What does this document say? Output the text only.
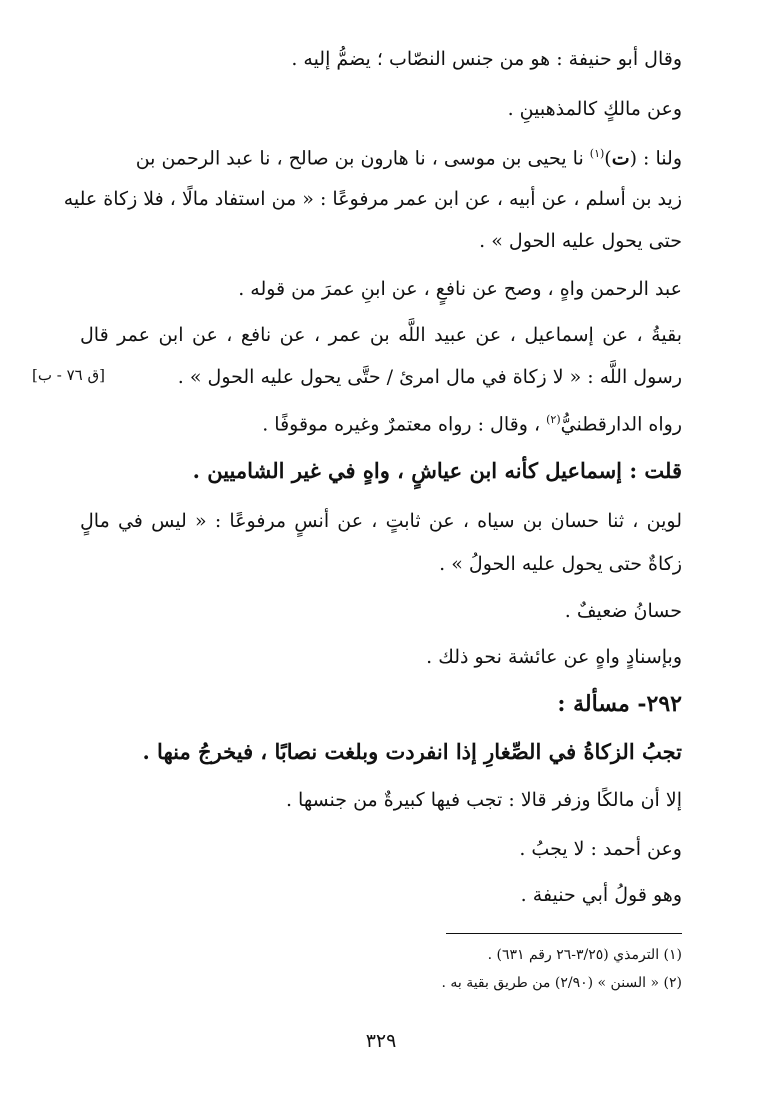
وقال أبو حنيفة : هو من جنس النصّاب ؛ يضمُّ إليه .
وعن مالكٍ كالمذهبينِ .
ولنا : (ت)$^{(١)}$ نا يحيى بن موسى ، نا هارون بن صالح ، نا عبد الرحمن بن
زيد بن أسلم ، عن أبيه ، عن ابن عمر مرفوعًا : « من استفاد مالًا ، فلا زكاة عليه
حتى يحول عليه الحول » .
عبد الرحمن واهٍ ، وصح عن نافعٍ ، عن ابنِ عمرَ من قوله .
بقيةُ ، عن إسماعيل ، عن عبيد اللَّه بن عمر ، عن نافع ، عن ابن عمر قال
رسول اللَّه : « لا زكاة في مال امرئ / حتَّى يحول عليه الحول » .
[ق ٧٦ - ب]
رواه الدارقطنيُّ$^{(٢)}$ ، وقال : رواه معتمرٌ وغيره موقوفًا .
قلت : إسماعيل كأنه ابن عياشٍ ، واهٍ في غير الشاميين .
لوين ، ثنا حسان بن سياه ، عن ثابتٍ ، عن أنسٍ مرفوعًا : « ليس في مالٍ
زكاةٌ حتى يحول عليه الحولُ » .
حسانُ ضعيفٌ .
وبإسنادٍ واهٍ عن عائشة نحو ذلك .
٢٩٢- مسألة :
تجبُ الزكاةُ في الصِّغارِ إذا انفردت وبلغت نصابًا ، فيخرجُ منها .
إلا أن مالكًا وزفر قالا : تجب فيها كبيرةٌ من جنسها .
وعن أحمد : لا يجبُ .
وهو قولُ أبي حنيفة .
(١) الترمذي (٣/٢٥-٢٦ رقم ٦٣١) .
(٢) « السنن » (٢/٩٠) من طريق بقية به .
٣٢٩
